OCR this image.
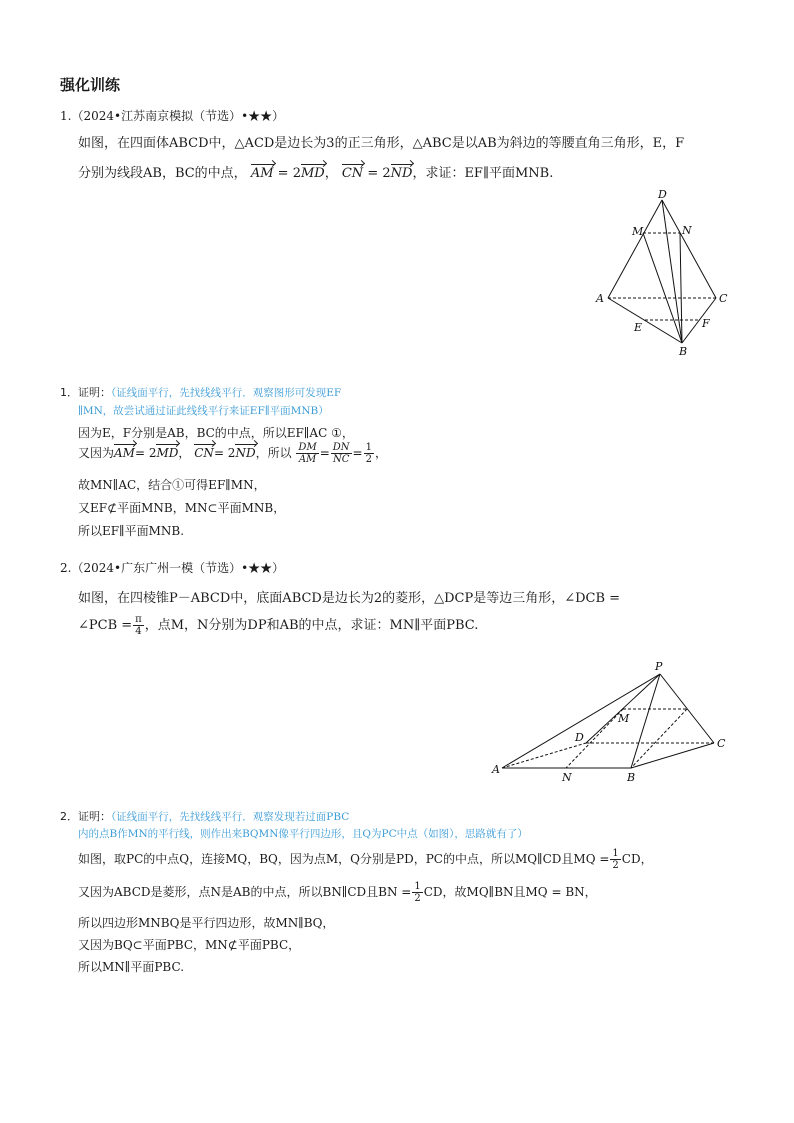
强化训练
1.（2024•江苏南京模拟（节选）•★★）
如图，在四面体ABCD中，△ACD是边长为3的正三角形，△ABC是以AB为斜边的等腰直角三角形，E，F
分别为线段AB，BC的中点， AM = 2MD， CN = 2ND，求证：EF∥平面MNB.
D
M	N
A	C
E	F
B
1．证明：（证线面平行，先找线线平行．观察图形可发现EF
∥MN，故尝试通过证此线线平行来证EF∥平面MNB）
因为E，F分别是AB，BC的中点，所以EF∥AC ①，
又因为AM= 2MD， CN= 2ND，所以 $\frac{DM}{AM} = \frac{DN}{NC} = \frac{1}{2}$ ，
故MN∥AC，结合①可得EF∥MN，
又EF⊄平面MNB，MN⊂平面MNB，
所以EF∥平面MNB.
2.（2024•广东广州一模（节选）•★★）
如图，在四棱锥P－ABCD中，底面ABCD是边长为2的菱形，△DCP是等边三角形，∠DCB =
∠PCB = $\frac{\pi}{4}$ ，点M，N分别为DP和AB的中点，求证：MN∥平面PBC.
P
M
D	C
A
N	B
2．证明：（证线面平行，先找线线平行．观察发现若过面PBC
内的点B作MN的平行线，则作出来BQMN像平行四边形，且Q为PC中点（如图），思路就有了）
如图，取PC的中点Q，连接MQ，BQ，因为点M，Q分别是PD，PC的中点，所以MQ∥CD且MQ = $\frac{1}{2}$ CD，
又因为ABCD是菱形，点N是AB的中点，所以BN∥CD且BN = $\frac{1}{2}$ CD，故MQ∥BN且MQ = BN，
所以四边形MNBQ是平行四边形，故MN∥BQ，
又因为BQ⊂平面PBC，MN⊄平面PBC，
所以MN∥平面PBC.
